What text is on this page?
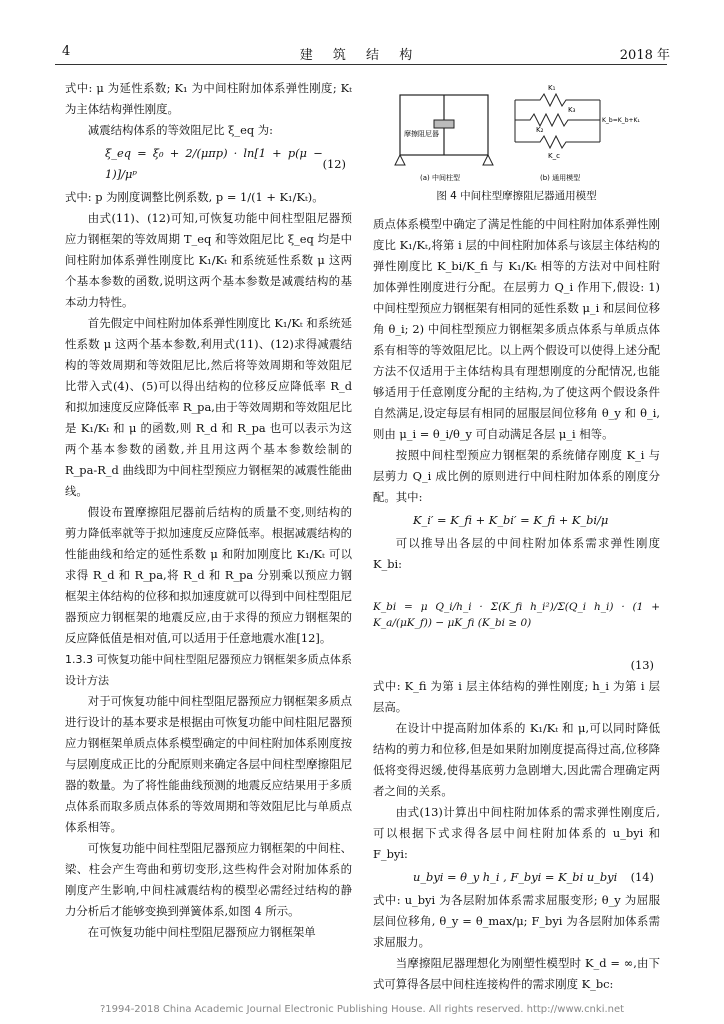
4	建 筑 结 构	2018 年

式中: μ 为延性系数; K₁ 为中间柱附加体系弹性刚度; Kₜ 为主体结构弹性刚度。

减震结构体系的等效阻尼比 ξ_eq 为:

ξ_eq = ξ₀ + 2/(μπp) · ln[1 + p(μ − 1)]/μᵖ
(12)

式中: p 为刚度调整比例系数, p = 1/(1 + K₁/Kₜ)。

由式(11)、(12)可知,可恢复功能中间柱型阻尼器预应力钢框架的等效周期 T_eq 和等效阻尼比 ξ_eq 均是中间柱附加体系弹性刚度比 K₁/Kₜ 和系统延性系数 μ 这两个基本参数的函数,说明这两个基本参数是减震结构的基本动力特性。

首先假定中间柱附加体系弹性刚度比 K₁/Kₜ 和系统延性系数 μ 这两个基本参数,利用式(11)、(12)求得减震结构的等效周期和等效阻尼比,然后将等效周期和等效阻尼比带入式(4)、(5)可以得出结构的位移反应降低率 R_d 和拟加速度反应降低率 R_pa,由于等效周期和等效阻尼比是 K₁/Kₜ 和 μ 的函数,则 R_d 和 R_pa 也可以表示为这两个基本参数的函数,并且用这两个基本参数绘制的 R_pa-R_d 曲线即为中间柱型预应力钢框架的减震性能曲线。

假设布置摩擦阻尼器前后结构的质量不变,则结构的剪力降低率就等于拟加速度反应降低率。根据减震结构的性能曲线和给定的延性系数 μ 和附加刚度比 K₁/Kₜ 可以求得 R_d 和 R_pa,将 R_d 和 R_pa 分别乘以预应力钢框架主体结构的位移和拟加速度就可以得到中间柱型阻尼器预应力钢框架的地震反应,由于求得的预应力钢框架的反应降低值是相对值,可以适用于任意地震水准[12]。

1.3.3 可恢复功能中间柱型阻尼器预应力钢框架多质点体系设计方法

对于可恢复功能中间柱型阻尼器预应力钢框架多质点进行设计的基本要求是根据由可恢复功能中间柱阻尼器预应力钢框架单质点体系模型确定的中间柱附加体系刚度按与层刚度成正比的分配原则来确定各层中间柱型摩擦阻尼器的数量。为了将性能曲线预测的地震反应结果用于多质点体系而取多质点体系的等效周期和等效阻尼比与单质点体系相等。

可恢复功能中间柱型阻尼器预应力钢框架的中间柱、梁、柱会产生弯曲和剪切变形,这些构件会对附加体系的刚度产生影响,中间柱减震结构的模型必需经过结构的静力分析后才能够变换到弹簧体系,如图 4 所示。

在可恢复功能中间柱型阻尼器预应力钢框架单

摩擦阻尼器
(a) 中间柱型
K₁
K₂
K₃
K_c
K_b=K_b+K₁
(b) 通用模型
图 4 中间柱型摩擦阻尼器通用模型

质点体系模型中确定了满足性能的中间柱附加体系弹性刚度比 K₁/Kₜ,将第 i 层的中间柱附加体系与该层主体结构的弹性刚度比 K_bi/K_fi 与 K₁/Kₜ 相等的方法对中间柱附加体弹性刚度进行分配。在层剪力 Q_i 作用下,假设: 1) 中间柱型预应力钢框架有相同的延性系数 μ_i 和层间位移角 θ_i; 2) 中间柱型预应力钢框架多质点体系与单质点体系有相等的等效阻尼比。以上两个假设可以使得上述分配方法不仅适用于主体结构具有理想刚度的分配情况,也能够适用于任意刚度分配的主结构,为了使这两个假设条件自然满足,设定每层有相同的屈服层间位移角 θ_y 和 θ_i,则由 μ_i = θ_i/θ_y 可自动满足各层 μ_i 相等。

按照中间柱型预应力钢框架的系统储存刚度 K_i 与层剪力 Q_i 成比例的原则进行中间柱附加体系的刚度分配。其中:

K_i′ = K_fi + K_bi′ = K_fi + K_bi/μ

可以推导出各层的中间柱附加体系需求弹性刚度 K_bi:

K_bi = μ Q_i/h_i · Σ(K_fi h_i²)/Σ(Q_i h_i) · (1 + K_a/(μK_f)) − μK_fi (K_bi ≥ 0)
(13)

式中: K_fi 为第 i 层主体结构的弹性刚度; h_i 为第 i 层层高。

在设计中提高附加体系的 K₁/Kₜ 和 μ,可以同时降低结构的剪力和位移,但是如果附加刚度提高得过高,位移降低将变得迟缓,使得基底剪力急剧增大,因此需合理确定两者之间的关系。

由式(13)计算出中间柱附加体系的需求弹性刚度后,可以根据下式求得各层中间柱附加体系的 u_byi 和 F_byi:

u_byi = θ_y h_i , F_byi = K_bi u_byi (14)

式中: u_byi 为各层附加体系需求屈服变形; θ_y 为屈服层间位移角, θ_y = θ_max/μ; F_byi 为各层附加体系需求屈服力。

当摩擦阻尼器理想化为刚塑性模型时 K_d = ∞,由下式可算得各层中间柱连接构件的需求刚度 K_bc:

?1994-2018 China Academic Journal Electronic Publishing House. All rights reserved. http://www.cnki.net
